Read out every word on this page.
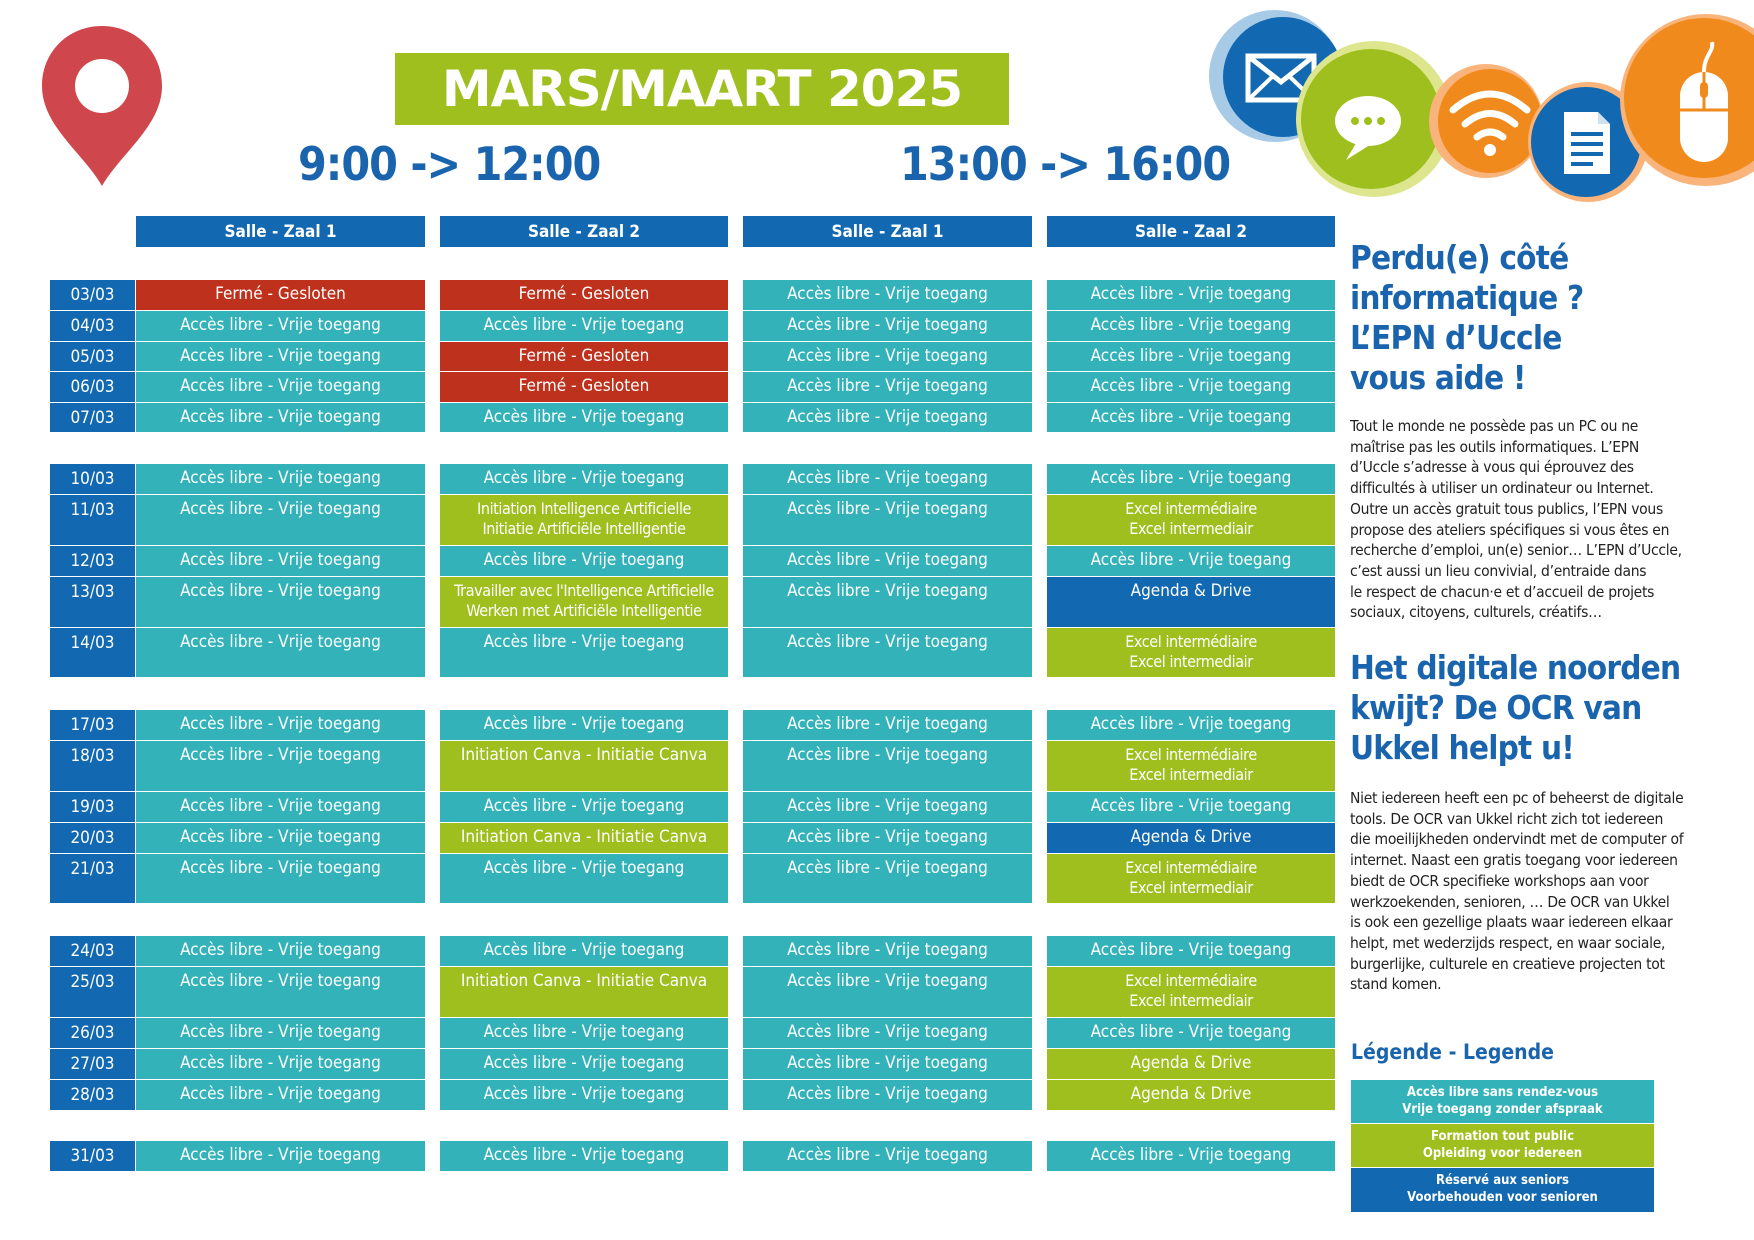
MARS/MAART 2025
9:00 -> 12:00	13:00 -> 16:00
Salle - Zaal 1	Salle - Zaal 2	Salle - Zaal 1	Salle - Zaal 2
03/03	Fermé - Gesloten	Fermé - Gesloten	Accès libre - Vrije toegang	Accès libre - Vrije toegang
04/03	Accès libre - Vrije toegang	Accès libre - Vrije toegang	Accès libre - Vrije toegang	Accès libre - Vrije toegang
05/03	Accès libre - Vrije toegang	Fermé - Gesloten	Accès libre - Vrije toegang	Accès libre - Vrije toegang
06/03	Accès libre - Vrije toegang	Fermé - Gesloten	Accès libre - Vrije toegang	Accès libre - Vrije toegang
07/03	Accès libre - Vrije toegang	Accès libre - Vrije toegang	Accès libre - Vrije toegang	Accès libre - Vrije toegang
10/03	Accès libre - Vrije toegang	Accès libre - Vrije toegang	Accès libre - Vrije toegang	Accès libre - Vrije toegang
11/03	Accès libre - Vrije toegang	Initiation Intelligence Artificielle
Initiatie Artificiële Intelligentie
Accès libre - Vrije toegang	Excel intermédiaire
Excel intermediair
12/03	Accès libre - Vrije toegang	Accès libre - Vrije toegang	Accès libre - Vrije toegang	Accès libre - Vrije toegang
13/03	Accès libre - Vrije toegang	Travailler avec l'Intelligence Artificielle
Werken met Artificiële Intelligentie
Accès libre - Vrije toegang	Agenda & Drive
14/03	Accès libre - Vrije toegang	Accès libre - Vrije toegang	Accès libre - Vrije toegang	Excel intermédiaire
Excel intermediair
17/03	Accès libre - Vrije toegang	Accès libre - Vrije toegang	Accès libre - Vrije toegang	Accès libre - Vrije toegang
18/03	Accès libre - Vrije toegang	Initiation Canva - Initiatie Canva	Accès libre - Vrije toegang	Excel intermédiaire
Excel intermediair
19/03	Accès libre - Vrije toegang	Accès libre - Vrije toegang	Accès libre - Vrije toegang	Accès libre - Vrije toegang
20/03	Accès libre - Vrije toegang	Initiation Canva - Initiatie Canva	Accès libre - Vrije toegang	Agenda & Drive
21/03	Accès libre - Vrije toegang	Accès libre - Vrije toegang	Accès libre - Vrije toegang	Excel intermédiaire
Excel intermediair
24/03	Accès libre - Vrije toegang	Accès libre - Vrije toegang	Accès libre - Vrije toegang	Accès libre - Vrije toegang
25/03	Accès libre - Vrije toegang	Initiation Canva - Initiatie Canva	Accès libre - Vrije toegang	Excel intermédiaire
Excel intermediair
26/03	Accès libre - Vrije toegang	Accès libre - Vrije toegang	Accès libre - Vrije toegang	Accès libre - Vrije toegang
27/03	Accès libre - Vrije toegang	Accès libre - Vrije toegang	Accès libre - Vrije toegang	Agenda & Drive
28/03	Accès libre - Vrije toegang	Accès libre - Vrije toegang	Accès libre - Vrije toegang	Agenda & Drive
31/03	Accès libre - Vrije toegang	Accès libre - Vrije toegang	Accès libre - Vrije toegang	Accès libre - Vrije toegang
Perdu(e) côté
informatique ?
L’EPN d’Uccle
vous aide !
Tout le monde ne possède pas un PC ou ne
maîtrise pas les outils informatiques. L’EPN
d’Uccle s’adresse à vous qui éprouvez des
difficultés à utiliser un ordinateur ou Internet.
Outre un accès gratuit tous publics, l’EPN vous
propose des ateliers spécifiques si vous êtes en
recherche d’emploi, un(e) senior… L’EPN d’Uccle,
c’est aussi un lieu convivial, d’entraide dans
le respect de chacun·e et d’accueil de projets
sociaux, citoyens, culturels, créatifs…
Het digitale noorden
kwijt? De OCR van
Ukkel helpt u!
Niet iedereen heeft een pc of beheerst de digitale
tools. De OCR van Ukkel richt zich tot iedereen
die moeilijkheden ondervindt met de computer of
internet. Naast een gratis toegang voor iedereen
biedt de OCR specifieke workshops aan voor
werkzoekenden, senioren, … De OCR van Ukkel
is ook een gezellige plaats waar iedereen elkaar
helpt, met wederzijds respect, en waar sociale,
burgerlijke, culturele en creatieve projecten tot
stand komen.
Légende - Legende
Accès libre sans rendez-vous
Vrije toegang zonder afspraak
Formation tout public
Opleiding voor iedereen
Réservé aux seniors
Voorbehouden voor senioren
